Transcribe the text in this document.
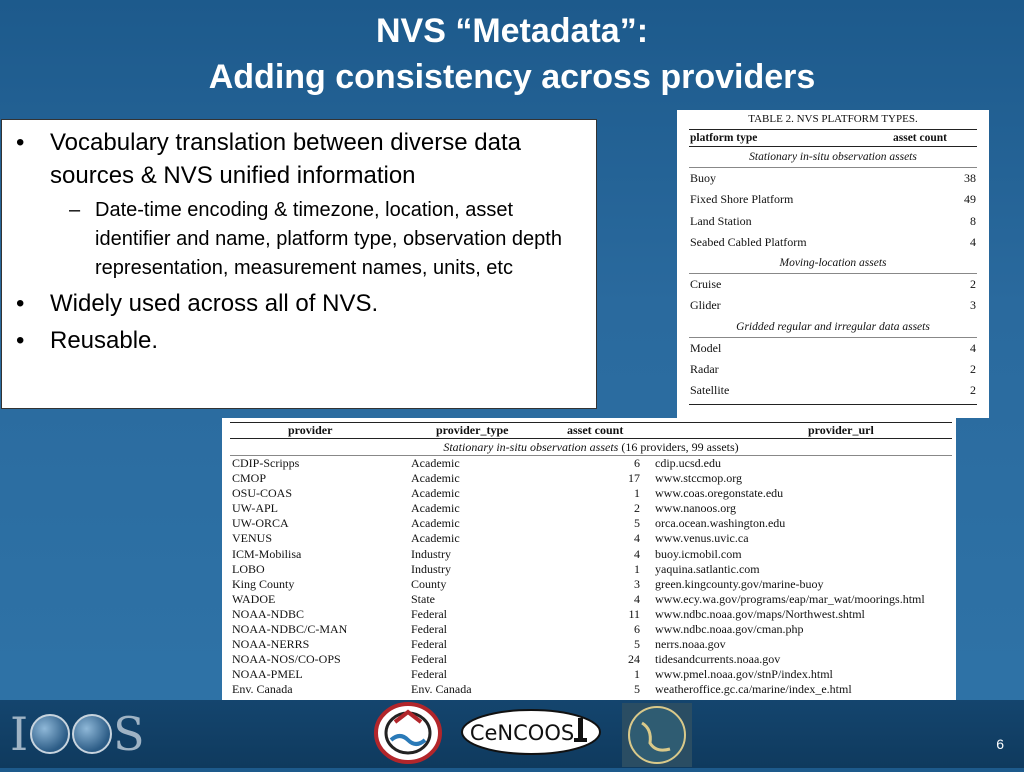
NVS “Metadata”:
Adding consistency across providers
• Vocabulary translation between diverse data sources & NVS unified information
– Date-time encoding & timezone, location, asset identifier and name, platform type, observation depth representation, measurement names, units, etc
• Widely used across all of NVS.
• Reusable.
TABLE 2. NVS PLATFORM TYPES.
platform type	asset count
Stationary in-situ observation assets
Buoy	38
Fixed Shore Platform	49
Land Station	8
Seabed Cabled Platform	4
Moving-location assets
Cruise	2
Glider	3
Gridded regular and irregular data assets
Model	4
Radar	2
Satellite	2
provider	provider_type	asset count	provider_url
Stationary in-situ observation assets (16 providers, 99 assets)
CDIP-Scripps	Academic	6 cdip.ucsd.edu
CMOP	Academic	17 www.stccmop.org
OSU-COAS	Academic	1 www.coas.oregonstate.edu
UW-APL	Academic	2 www.nanoos.org
UW-ORCA	Academic	5 orca.ocean.washington.edu
VENUS	Academic	4 www.venus.uvic.ca
ICM-Mobilisa	Industry	4 buoy.icmobil.com
LOBO	Industry	1 yaquina.satlantic.com
King County	County	3 green.kingcounty.gov/marine-buoy
WADOE	State	4 www.ecy.wa.gov/programs/eap/mar_wat/moorings.html
NOAA-NDBC	Federal	11 www.ndbc.noaa.gov/maps/Northwest.shtml
NOAA-NDBC/C-MAN	Federal	6 www.ndbc.noaa.gov/cman.php
NOAA-NERRS	Federal	5 nerrs.noaa.gov
NOAA-NOS/CO-OPS	Federal	24 tidesandcurrents.noaa.gov
NOAA-PMEL	Federal	1 www.pmel.noaa.gov/stnP/index.html
Env. Canada	Env. Canada	5 weatheroffice.gc.ca/marine/index_e.html
I S	CeNCOOS	6
